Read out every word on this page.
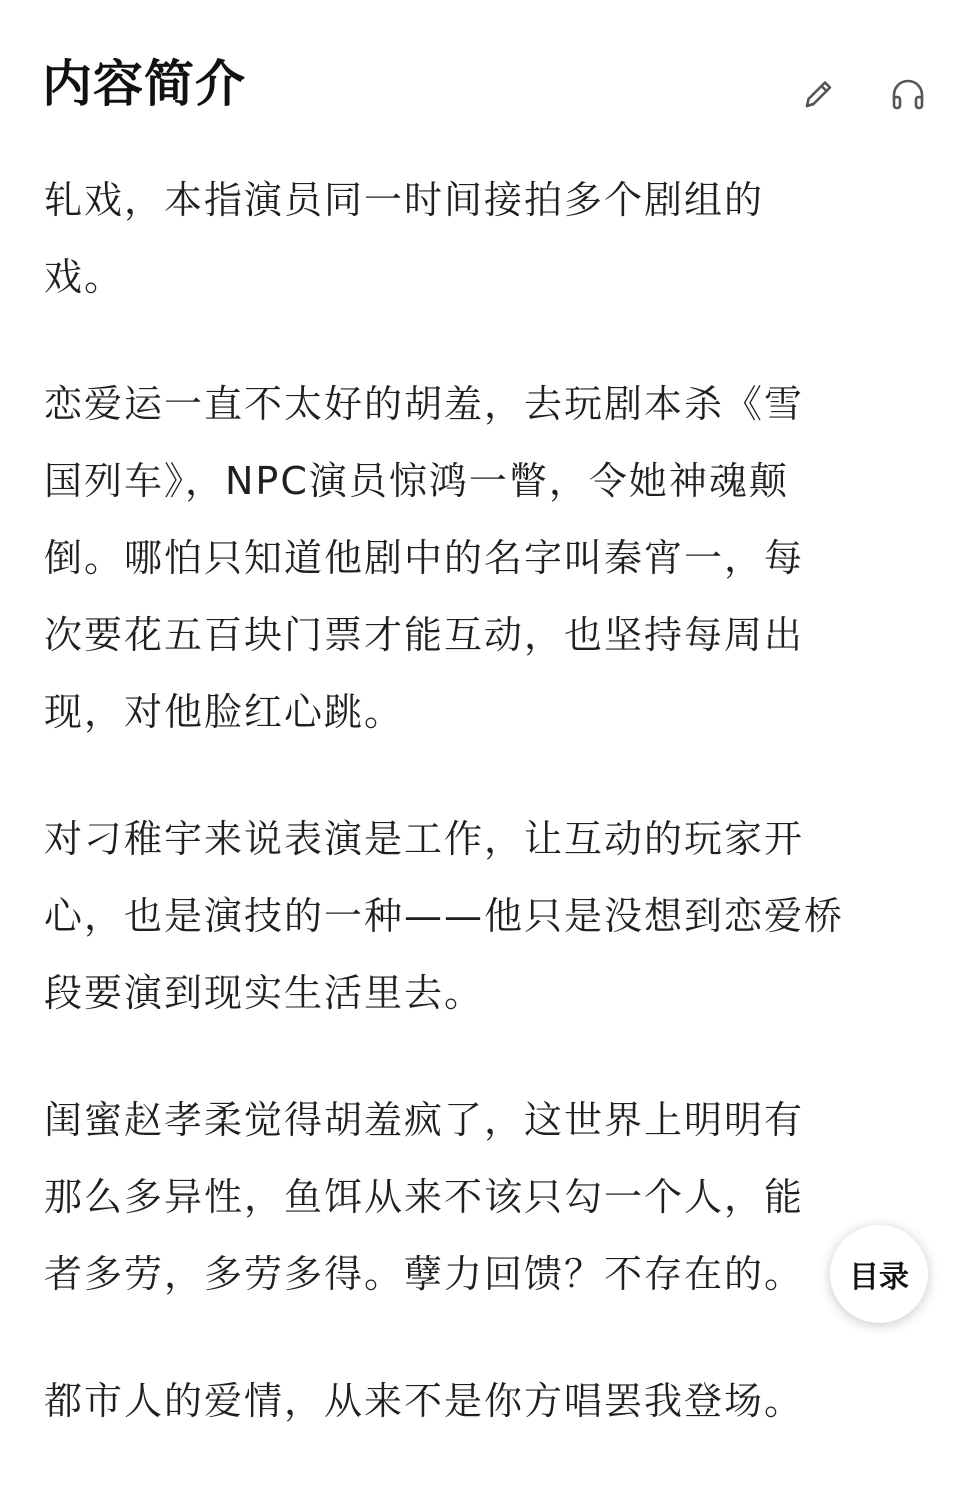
内容简介

轧戏，本指演员同一时间接拍多个剧组的
戏。

恋爱运一直不太好的胡羞，去玩剧本杀《雪
国列车》，NPC演员惊鸿一瞥，令她神魂颠
倒。哪怕只知道他剧中的名字叫秦宵一，每
次要花五百块门票才能互动，也坚持每周出
现，对他脸红心跳。

对刁稚宇来说表演是工作，让互动的玩家开
心，也是演技的一种——他只是没想到恋爱桥
段要演到现实生活里去。

闺蜜赵孝柔觉得胡羞疯了，这世界上明明有
那么多异性，鱼饵从来不该只勾一个人，能
者多劳，多劳多得。孽力回馈？不存在的。

都市人的爱情，从来不是你方唱罢我登场。

目录
